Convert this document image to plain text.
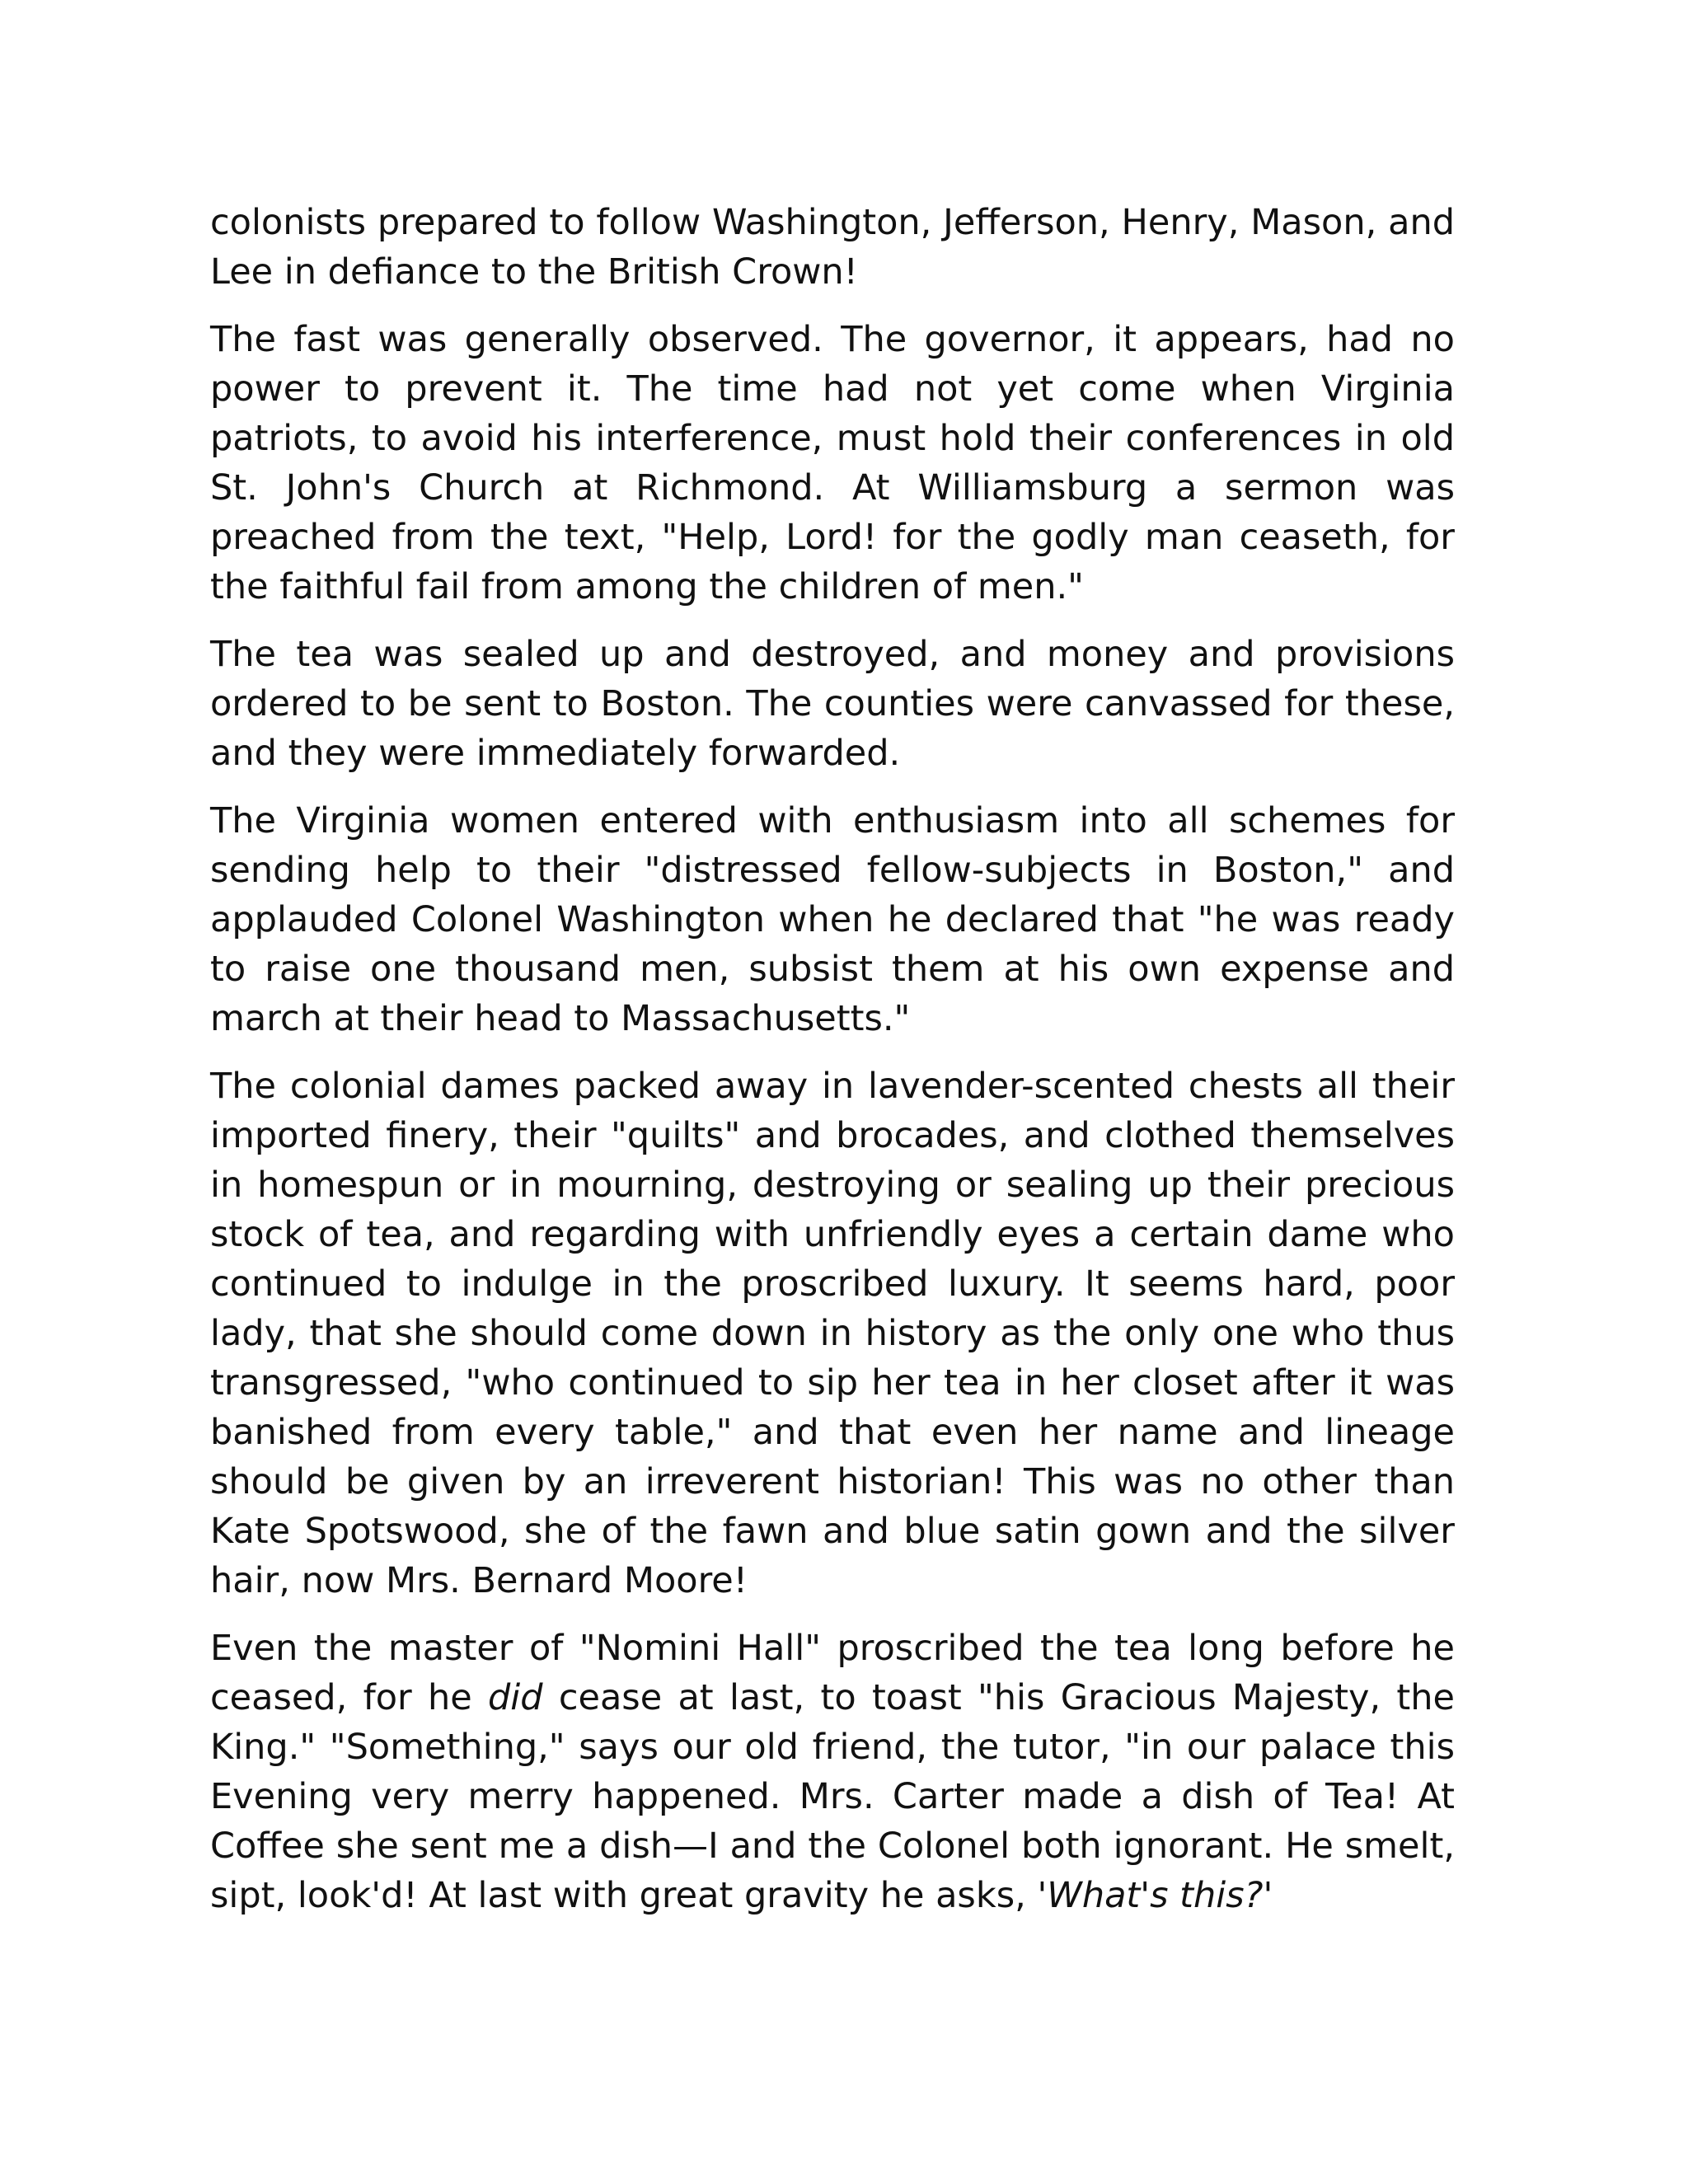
colonists prepared to follow Washington, Jefferson, Henry, Mason, and Lee in defiance to the British Crown!

The fast was generally observed. The governor, it appears, had no power to prevent it. The time had not yet come when Virginia patriots, to avoid his interference, must hold their conferences in old St. John's Church at Richmond. At Williamsburg a sermon was preached from the text, "Help, Lord! for the godly man ceaseth, for the faithful fail from among the children of men."

The tea was sealed up and destroyed, and money and provisions ordered to be sent to Boston. The counties were canvassed for these, and they were immediately forwarded.

The Virginia women entered with enthusiasm into all schemes for sending help to their "distressed fellow-subjects in Boston," and applauded Colonel Washington when he declared that "he was ready to raise one thousand men, subsist them at his own expense and march at their head to Massachusetts."

The colonial dames packed away in lavender-scented chests all their imported finery, their "quilts" and brocades, and clothed themselves in homespun or in mourning, destroying or sealing up their precious stock of tea, and regarding with unfriendly eyes a certain dame who continued to indulge in the proscribed luxury. It seems hard, poor lady, that she should come down in history as the only one who thus transgressed, "who continued to sip her tea in her closet after it was banished from every table," and that even her name and lineage should be given by an irreverent historian! This was no other than Kate Spotswood, she of the fawn and blue satin gown and the silver hair, now Mrs. Bernard Moore!

Even the master of "Nomini Hall" proscribed the tea long before he ceased, for he did cease at last, to toast "his Gracious Majesty, the King." "Something," says our old friend, the tutor, "in our palace this Evening very merry happened. Mrs. Carter made a dish of Tea! At Coffee she sent me a dish—I and the Colonel both ignorant. He smelt, sipt, look'd! At last with great gravity he asks, 'What's this?'
